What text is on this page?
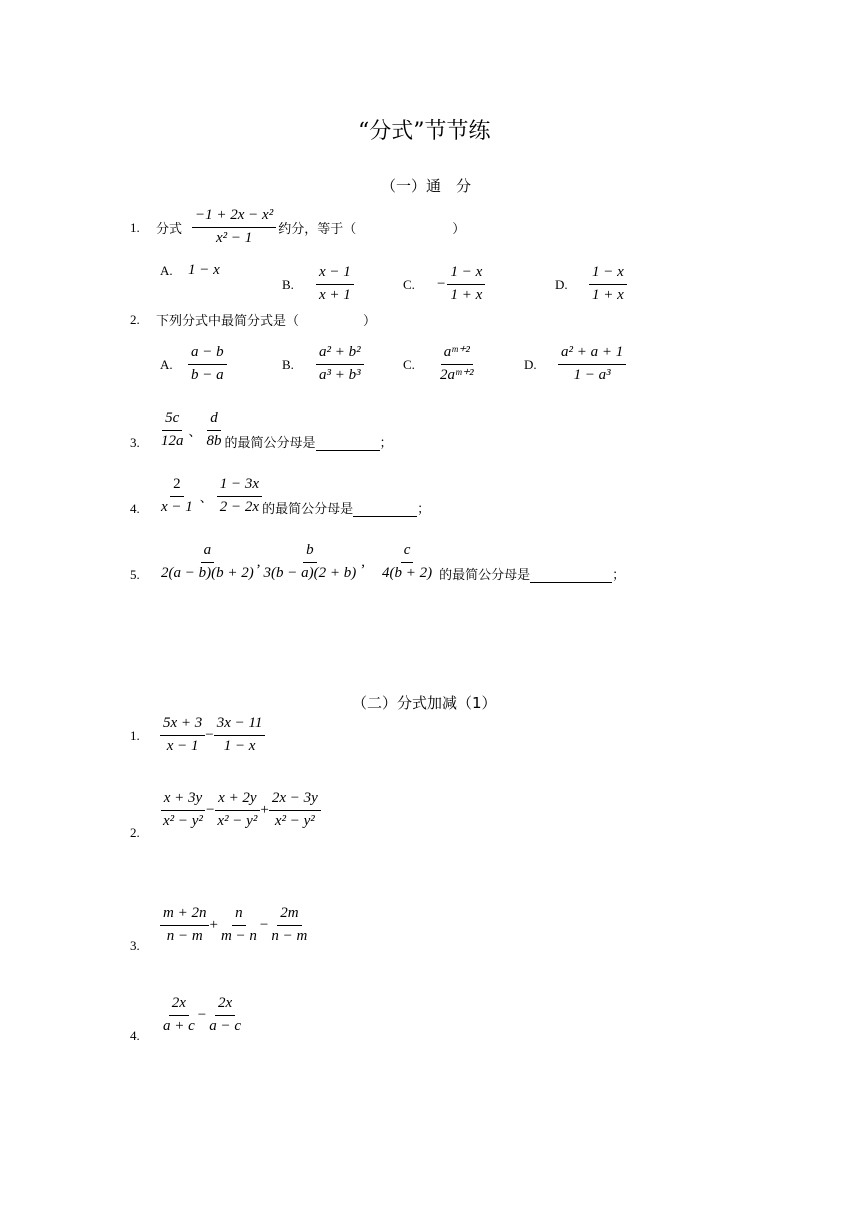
“分式”节节练
（一）通　分
1.	分式 $\frac{\text{−1 + 2x − x²}}{\text{x² − 1}}$ 约分，等于（	）
A.	1 − x
B.	$\frac{x - 1}{x + 1}$	C.	− $\frac{1 - x}{1 + x}$	D.	$\frac{1 - x}{1 + x}$
2.	下列分式中最简分式是（	）
A.	$\frac{a - b}{b - a}$	B.	$\frac{\text{a² + b²}}{\text{a³ + b³}}$	C.	$\frac{\text{aᵐ⁺²}}{\text{2aᵐ⁺²}}$	D.	$\frac{\text{a² + a + 1}}{\text{1 − a³}}$
3.	$\frac{5c}{12a}$ 、 $\frac{d}{8b}$ 的最简公分母是	；
4.	$\frac{2}{x - 1}$ 、 $\frac{1 - 3x}{2 - 2x}$ 的最简公分母是	；
5.	$\frac{a}{2(a - b)(b + 2)}$ , $\frac{b}{3(b - a)(2 + b)}$ , $\frac{c}{4(b + 2)}$ 的最简公分母是	；
（二）分式加减（1）
1.	$\frac{5x + 3}{x - 1} - \frac{3x - 11}{1 - x}$
2.	$\frac{x + 3y}{\text{x² − y²}} - \frac{x + 2y}{\text{x² − y²}} + \frac{2x - 3y}{\text{x² − y²}}$
3.	$\frac{m + 2n}{n - m} + \frac{n}{m - n} - \frac{2m}{n - m}$
4.	$\frac{2x}{a + c} - \frac{2x}{a - c}$
